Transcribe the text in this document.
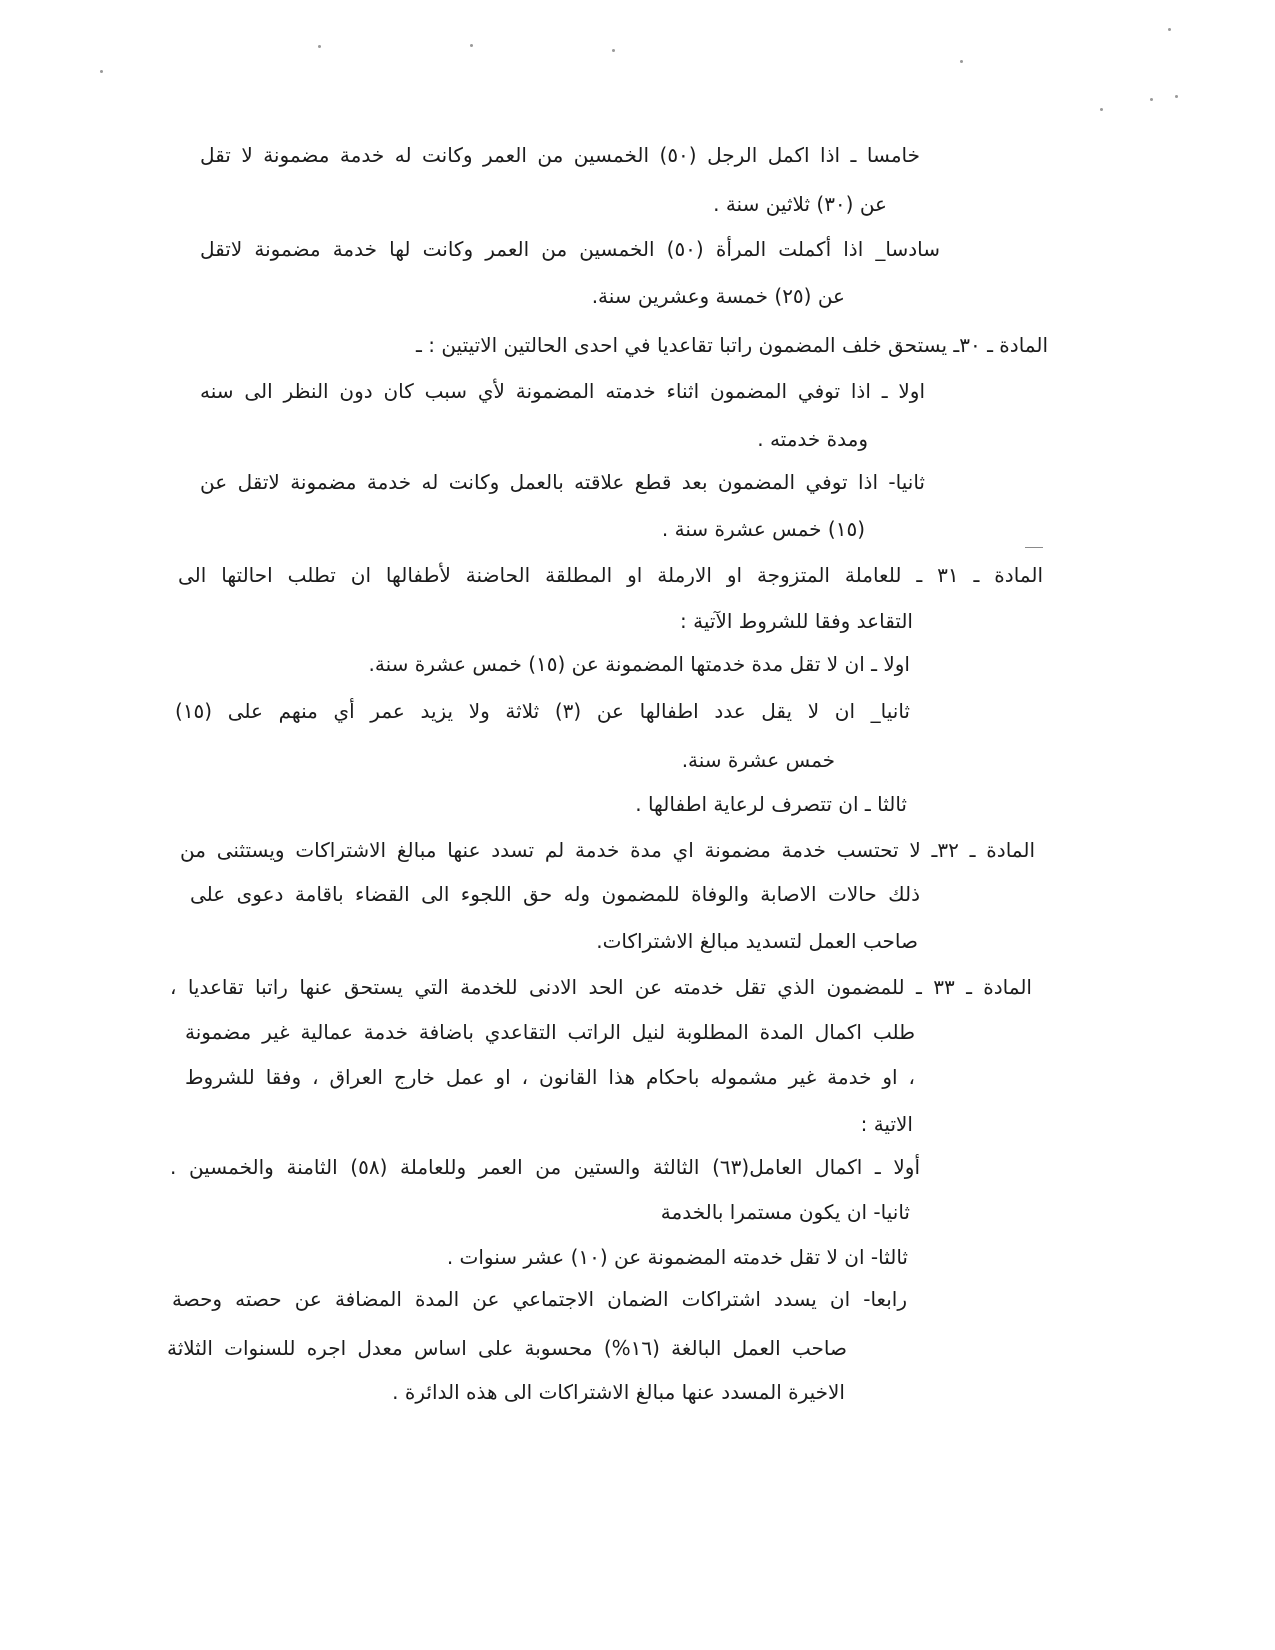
خامسا ـ اذا اكمل الرجل (٥٠) الخمسين من العمر وكانت له خدمة مضمونة لا تقل
عن (٣٠) ثلاثين سنة .
سادسا_ اذا أكملت المرأة (٥٠) الخمسين من العمر وكانت لها خدمة مضمونة لاتقل
عن (٢٥) خمسة وعشرين سنة.
المادة ـ ٣٠ـ يستحق خلف المضمون راتبا تقاعديا في احدى الحالتين الاتيتين : ـ
اولا ـ اذا توفي المضمون اثناء خدمته المضمونة لأي سبب كان دون النظر الى سنه
ومدة خدمته .
ثانيا- اذا توفي المضمون بعد قطع علاقته بالعمل وكانت له خدمة مضمونة لاتقل عن
(١٥) خمس عشرة سنة .
المادة ـ ٣١ ـ للعاملة المتزوجة او الارملة او المطلقة الحاضنة لأطفالها ان تطلب احالتها الى
التقاعد وفقا للشروط الآتية :
اولا ـ ان لا تقل مدة خدمتها المضمونة عن (١٥) خمس عشرة سنة.
ثانيا_ ان لا يقل عدد اطفالها عن (٣) ثلاثة ولا يزيد عمر أي منهم على (١٥)
خمس عشرة سنة.
ثالثا ـ ان تتصرف لرعاية اطفالها .
المادة ـ ٣٢ـ لا تحتسب خدمة مضمونة اي مدة خدمة لم تسدد عنها مبالغ الاشتراكات ويستثنى من
ذلك حالات الاصابة والوفاة للمضمون وله حق اللجوء الى القضاء باقامة دعوى على
صاحب العمل لتسديد مبالغ الاشتراكات.
المادة ـ ٣٣ ـ للمضمون الذي تقل خدمته عن الحد الادنى للخدمة التي يستحق عنها راتبا تقاعديا ،
طلب اكمال المدة المطلوبة لنيل الراتب التقاعدي باضافة خدمة عمالية غير مضمونة
، او خدمة غير مشموله باحكام هذا القانون ، او عمل خارج العراق ، وفقا للشروط
الاتية :
أولا ـ اكمال العامل(٦٣) الثالثة والستين من العمر وللعاملة (٥٨) الثامنة والخمسين .
ثانيا- ان يكون مستمرا بالخدمة
ثالثا- ان لا تقل خدمته المضمونة عن (١٠) عشر سنوات .
رابعا- ان يسدد اشتراكات الضمان الاجتماعي عن المدة المضافة عن حصته وحصة
صاحب العمل البالغة (١٦%) محسوبة على اساس معدل اجره للسنوات الثلاثة
الاخيرة المسدد عنها مبالغ الاشتراكات الى هذه الدائرة .
